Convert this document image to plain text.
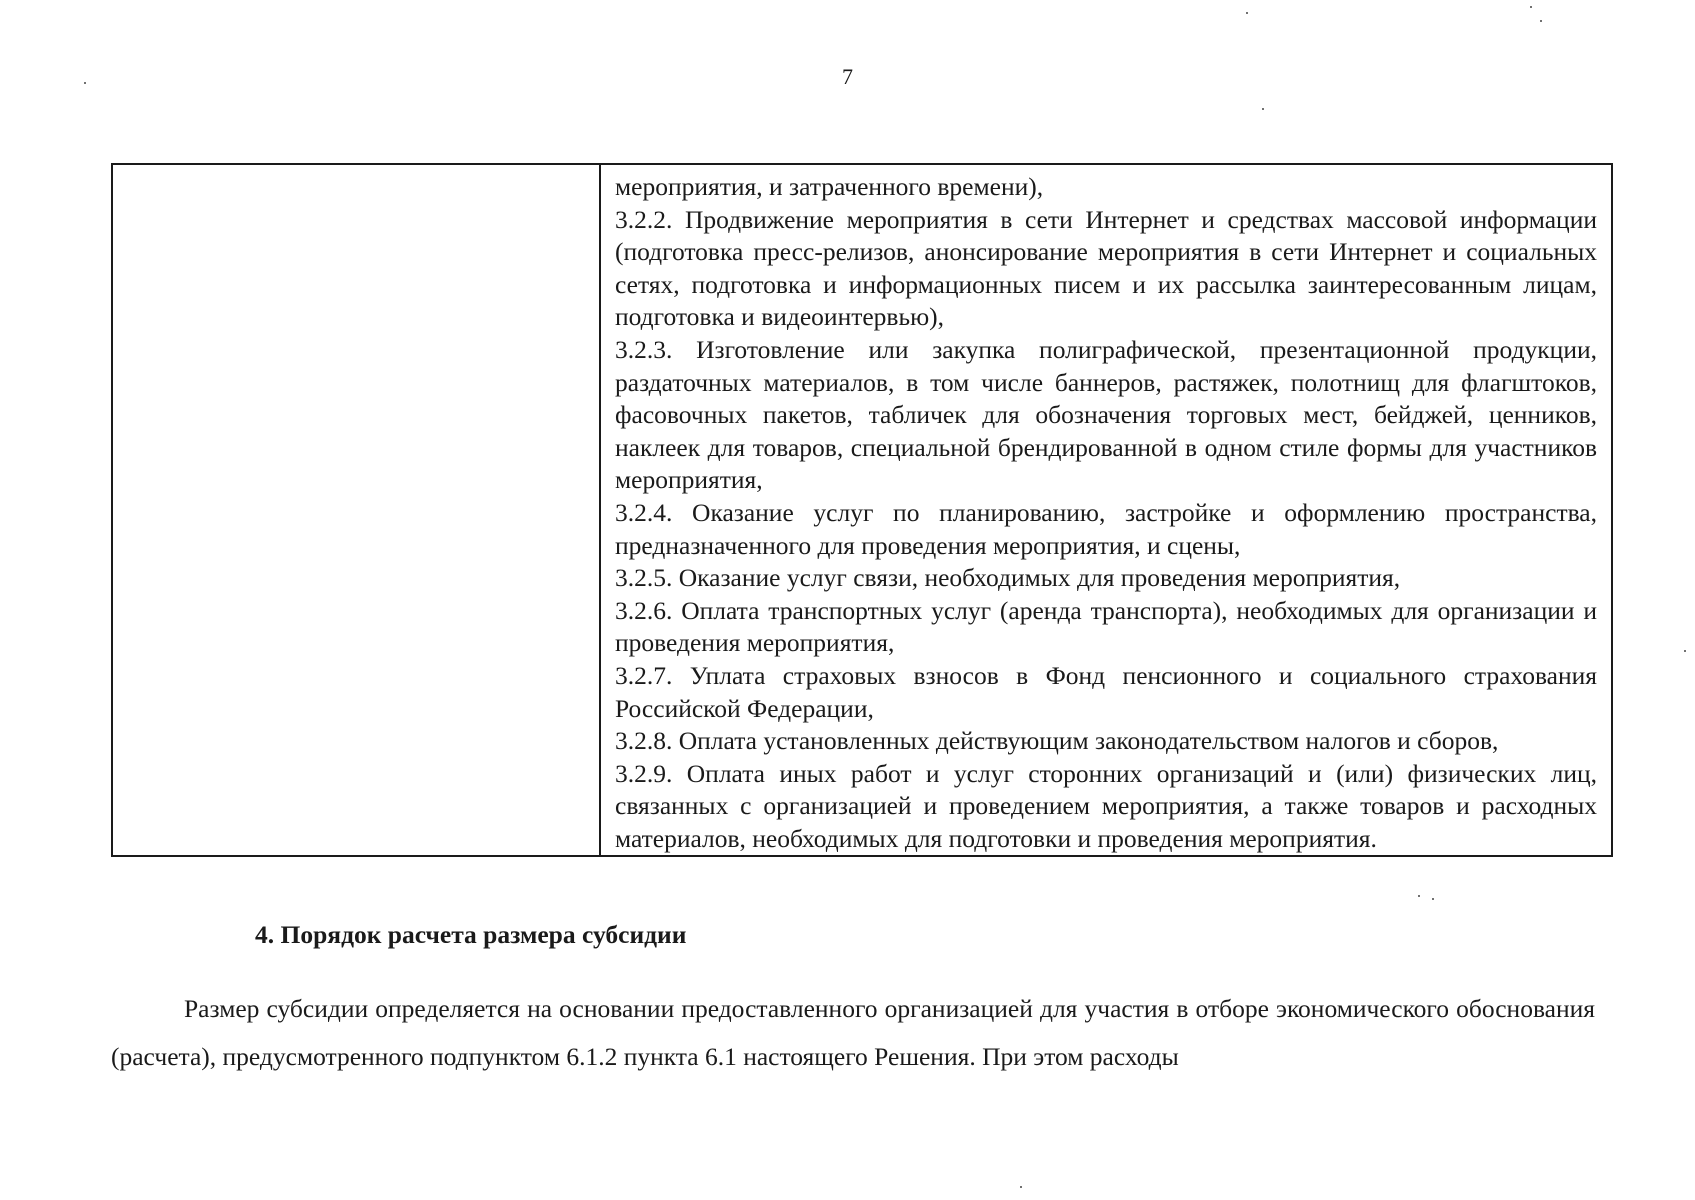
7

мероприятия, и затраченного времени),

3.2.2. Продвижение мероприятия в сети Интернет и средствах массовой информации (подготовка пресс-релизов, анонсирование мероприятия в сети Интернет и социальных сетях, подготовка и информационных писем и их рассылка заинтересованным лицам, подготовка и видеоинтервью),

3.2.3. Изготовление или закупка полиграфической, презентационной продукции, раздаточных материалов, в том числе баннеров, растяжек, полотнищ для флагштоков, фасовочных пакетов, табличек для обозначения торговых мест, бейджей, ценников, наклеек для товаров, специальной брендированной в одном стиле формы для участников мероприятия,

3.2.4. Оказание услуг по планированию, застройке и оформлению пространства, предназначенного для проведения мероприятия, и сцены,

3.2.5. Оказание услуг связи, необходимых для проведения мероприятия,

3.2.6. Оплата транспортных услуг (аренда транспорта), необходимых для организации и проведения мероприятия,

3.2.7. Уплата страховых взносов в Фонд пенсионного и социального страхования Российской Федерации,

3.2.8. Оплата установленных действующим законодательством налогов и сборов,

3.2.9. Оплата иных работ и услуг сторонних организаций и (или) физических лиц, связанных с организацией и проведением мероприятия, а также товаров и расходных материалов, необходимых для подготовки и проведения мероприятия.

4. Порядок расчета размера субсидии

Размер субсидии определяется на основании предоставленного организацией для участия в отборе экономического обоснования (расчета), предусмотренного подпунктом 6.1.2 пункта 6.1 настоящего Решения. При этом расходы
